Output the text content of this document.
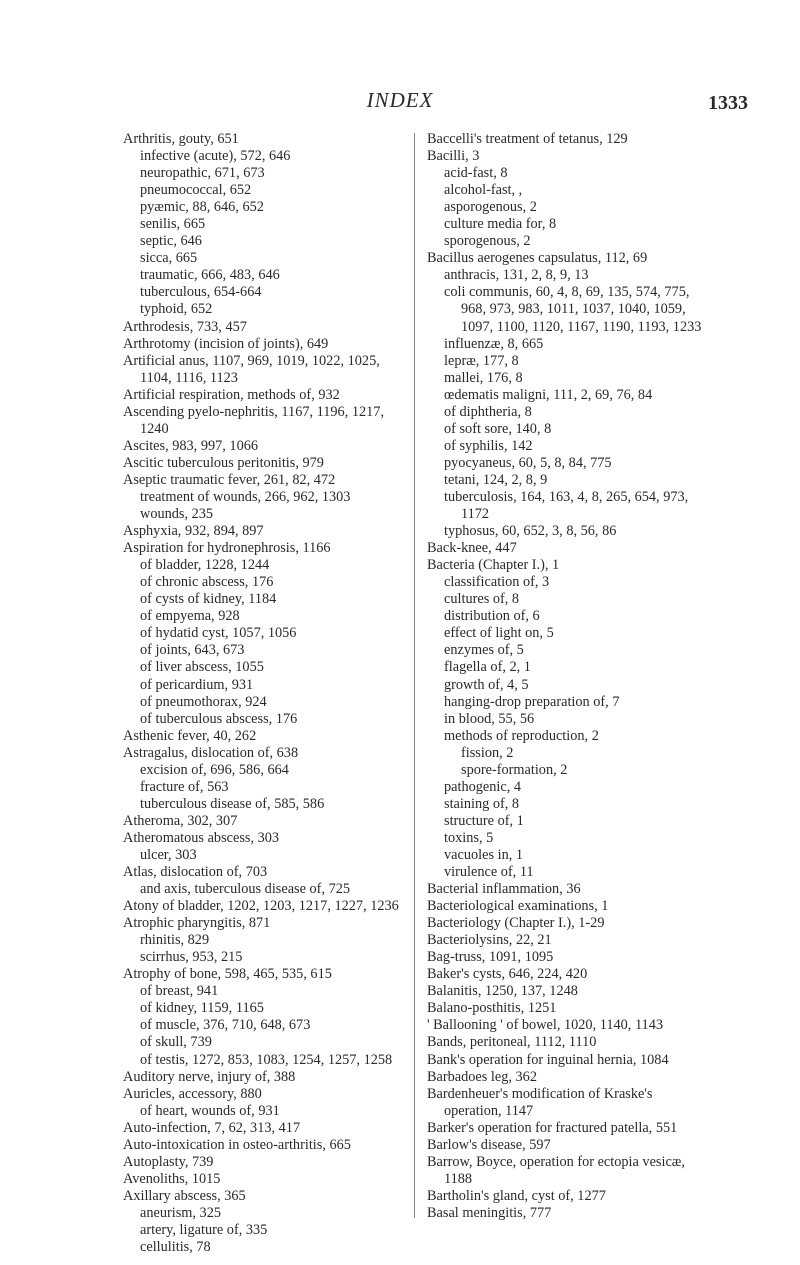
INDEX	1333

Arthritis, gouty, 651

infective (acute), 572, 646

neuropathic, 671, 673

pneumococcal, 652

pyæmic, 88, 646, 652

senilis, 665

septic, 646

sicca, 665

traumatic, 666, 483, 646

tuberculous, 654-664

typhoid, 652

Arthrodesis, 733, 457

Arthrotomy (incision of joints), 649

Artificial anus, 1107, 969, 1019, 1022, 1025, 1104, 1116, 1123

Artificial respiration, methods of, 932

Ascending pyelo-nephritis, 1167, 1196, 1217, 1240

Ascites, 983, 997, 1066

Ascitic tuberculous peritonitis, 979

Aseptic traumatic fever, 261, 82, 472

treatment of wounds, 266, 962, 1303

wounds, 235

Asphyxia, 932, 894, 897

Aspiration for hydronephrosis, 1166

of bladder, 1228, 1244

of chronic abscess, 176

of cysts of kidney, 1184

of empyema, 928

of hydatid cyst, 1057, 1056

of joints, 643, 673

of liver abscess, 1055

of pericardium, 931

of pneumothorax, 924

of tuberculous abscess, 176

Asthenic fever, 40, 262

Astragalus, dislocation of, 638

excision of, 696, 586, 664

fracture of, 563

tuberculous disease of, 585, 586

Atheroma, 302, 307

Atheromatous abscess, 303

ulcer, 303

Atlas, dislocation of, 703

and axis, tuberculous disease of, 725

Atony of bladder, 1202, 1203, 1217, 1227, 1236

Atrophic pharyngitis, 871

rhinitis, 829

scirrhus, 953, 215

Atrophy of bone, 598, 465, 535, 615

of breast, 941

of kidney, 1159, 1165

of muscle, 376, 710, 648, 673

of skull, 739

of testis, 1272, 853, 1083, 1254, 1257, 1258

Auditory nerve, injury of, 388

Auricles, accessory, 880

of heart, wounds of, 931

Auto-infection, 7, 62, 313, 417

Auto-intoxication in osteo-arthritis, 665

Autoplasty, 739

Avenoliths, 1015

Axillary abscess, 365

aneurism, 325

artery, ligature of, 335

cellulitis, 78

Baccelli's treatment of tetanus, 129

Bacilli, 3

acid-fast, 8

alcohol-fast, ,

asporogenous, 2

culture media for, 8

sporogenous, 2

Bacillus aerogenes capsulatus, 112, 69

anthracis, 131, 2, 8, 9, 13

coli communis, 60, 4, 8, 69, 135, 574, 775, 968, 973, 983, 1011, 1037, 1040, 1059, 1097, 1100, 1120, 1167, 1190, 1193, 1233

influenzæ, 8, 665

lepræ, 177, 8

mallei, 176, 8

œdematis maligni, 111, 2, 69, 76, 84

of diphtheria, 8

of soft sore, 140, 8

of syphilis, 142

pyocyaneus, 60, 5, 8, 84, 775

tetani, 124, 2, 8, 9

tuberculosis, 164, 163, 4, 8, 265, 654, 973, 1172

typhosus, 60, 652, 3, 8, 56, 86

Back-knee, 447

Bacteria (Chapter I.), 1

classification of, 3

cultures of, 8

distribution of, 6

effect of light on, 5

enzymes of, 5

flagella of, 2, 1

growth of, 4, 5

hanging-drop preparation of, 7

in blood, 55, 56

methods of reproduction, 2

fission, 2

spore-formation, 2

pathogenic, 4

staining of, 8

structure of, 1

toxins, 5

vacuoles in, 1

virulence of, 11

Bacterial inflammation, 36

Bacteriological examinations, 1

Bacteriology (Chapter I.), 1-29

Bacteriolysins, 22, 21

Bag-truss, 1091, 1095

Baker's cysts, 646, 224, 420

Balanitis, 1250, 137, 1248

Balano-posthitis, 1251

' Ballooning ' of bowel, 1020, 1140, 1143

Bands, peritoneal, 1112, 1110

Bank's operation for inguinal hernia, 1084

Barbadoes leg, 362

Bardenheuer's modification of Kraske's operation, 1147

Barker's operation for fractured patella, 551

Barlow's disease, 597

Barrow, Boyce, operation for ectopia vesicæ, 1188

Bartholin's gland, cyst of, 1277

Basal meningitis, 777
